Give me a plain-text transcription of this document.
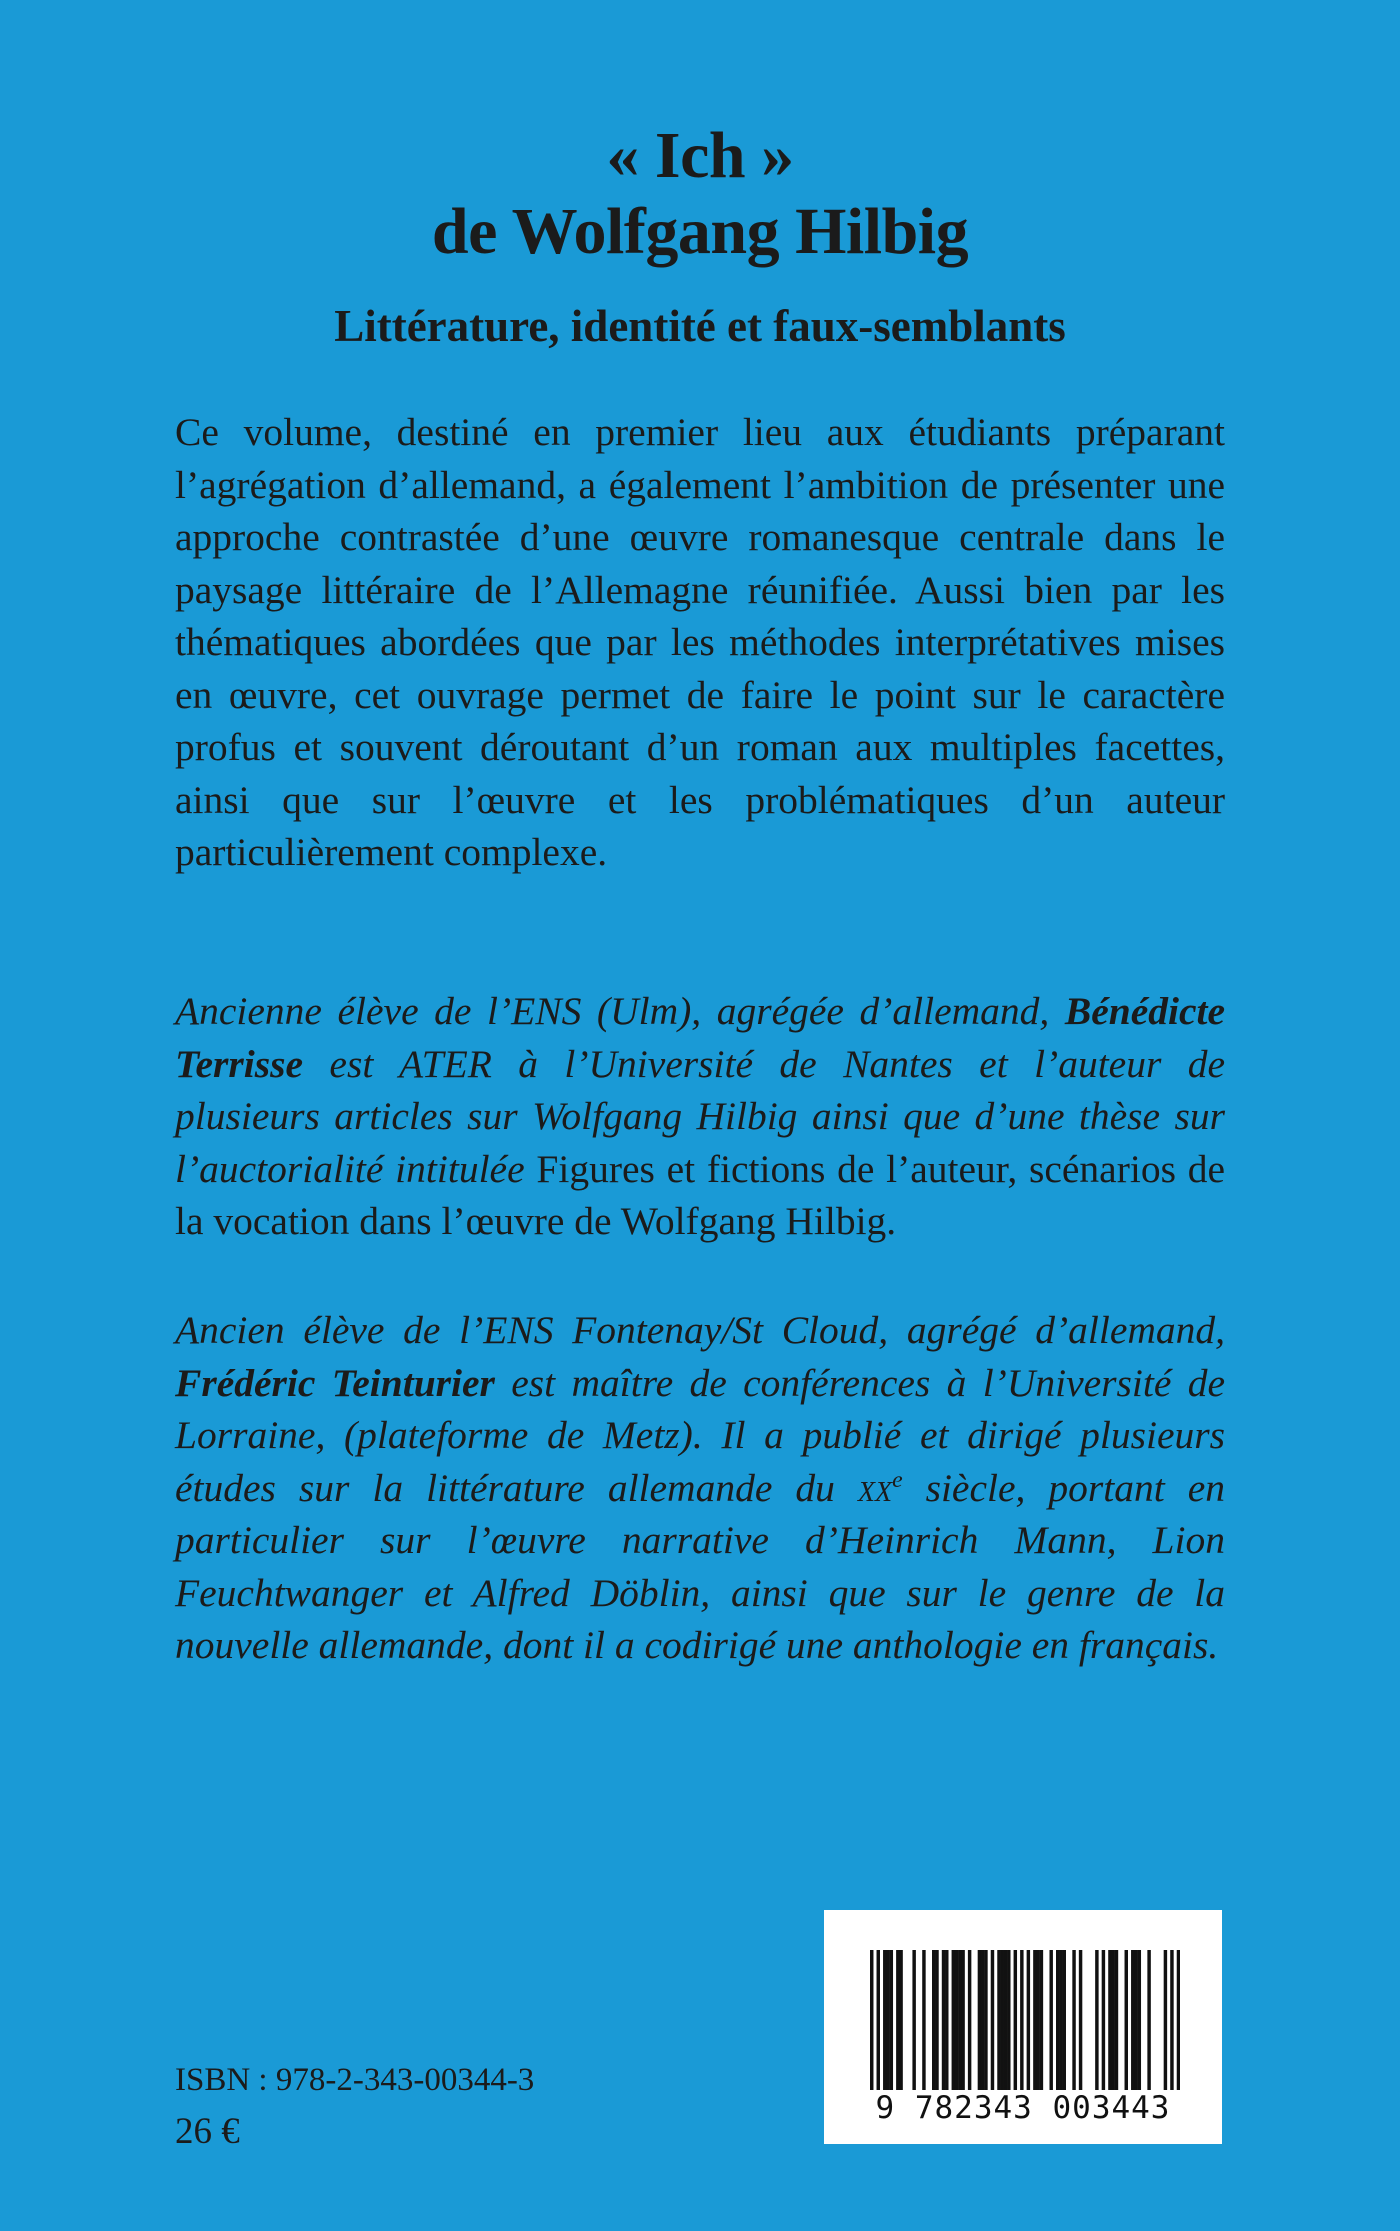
« Ich »
de Wolfgang Hilbig
Littérature, identité et faux-semblants
Ce volume, destiné en premier lieu aux étudiants préparant l’agrégation d’allemand, a également l’ambition de présenter une approche contrastée d’une œuvre romanesque centrale dans le paysage littéraire de l’Allemagne réunifiée. Aussi bien par les thématiques abordées que par les méthodes interprétatives mises en œuvre, cet ouvrage permet de faire le point sur le caractère profus et souvent déroutant d’un roman aux multiples facettes, ainsi que sur l’œuvre et les problématiques d’un auteur particulièrement complexe.
Ancienne élève de l’ENS (Ulm), agrégée d’allemand, Bénédicte Terrisse est ATER à l’Université de Nantes et l’auteur de plusieurs articles sur Wolfgang Hilbig ainsi que d’une thèse sur l’auctorialité intitulée Figures et fictions de l’auteur, scénarios de la vocation dans l’œuvre de Wolfgang Hilbig.
Ancien élève de l’ENS Fontenay/St Cloud, agrégé d’allemand, Frédéric Teinturier est maître de conférences à l’Université de Lorraine, (plateforme de Metz). Il a publié et dirigé plusieurs études sur la littérature allemande du $xx^e$ siècle, portant en particulier sur l’œuvre narrative d’Heinrich Mann, Lion Feuchtwanger et Alfred Döblin, ainsi que sur le genre de la nouvelle allemande, dont il a codirigé une anthologie en français.
ISBN : 978-2-343-00344-3
26 €
9 782343 003443
